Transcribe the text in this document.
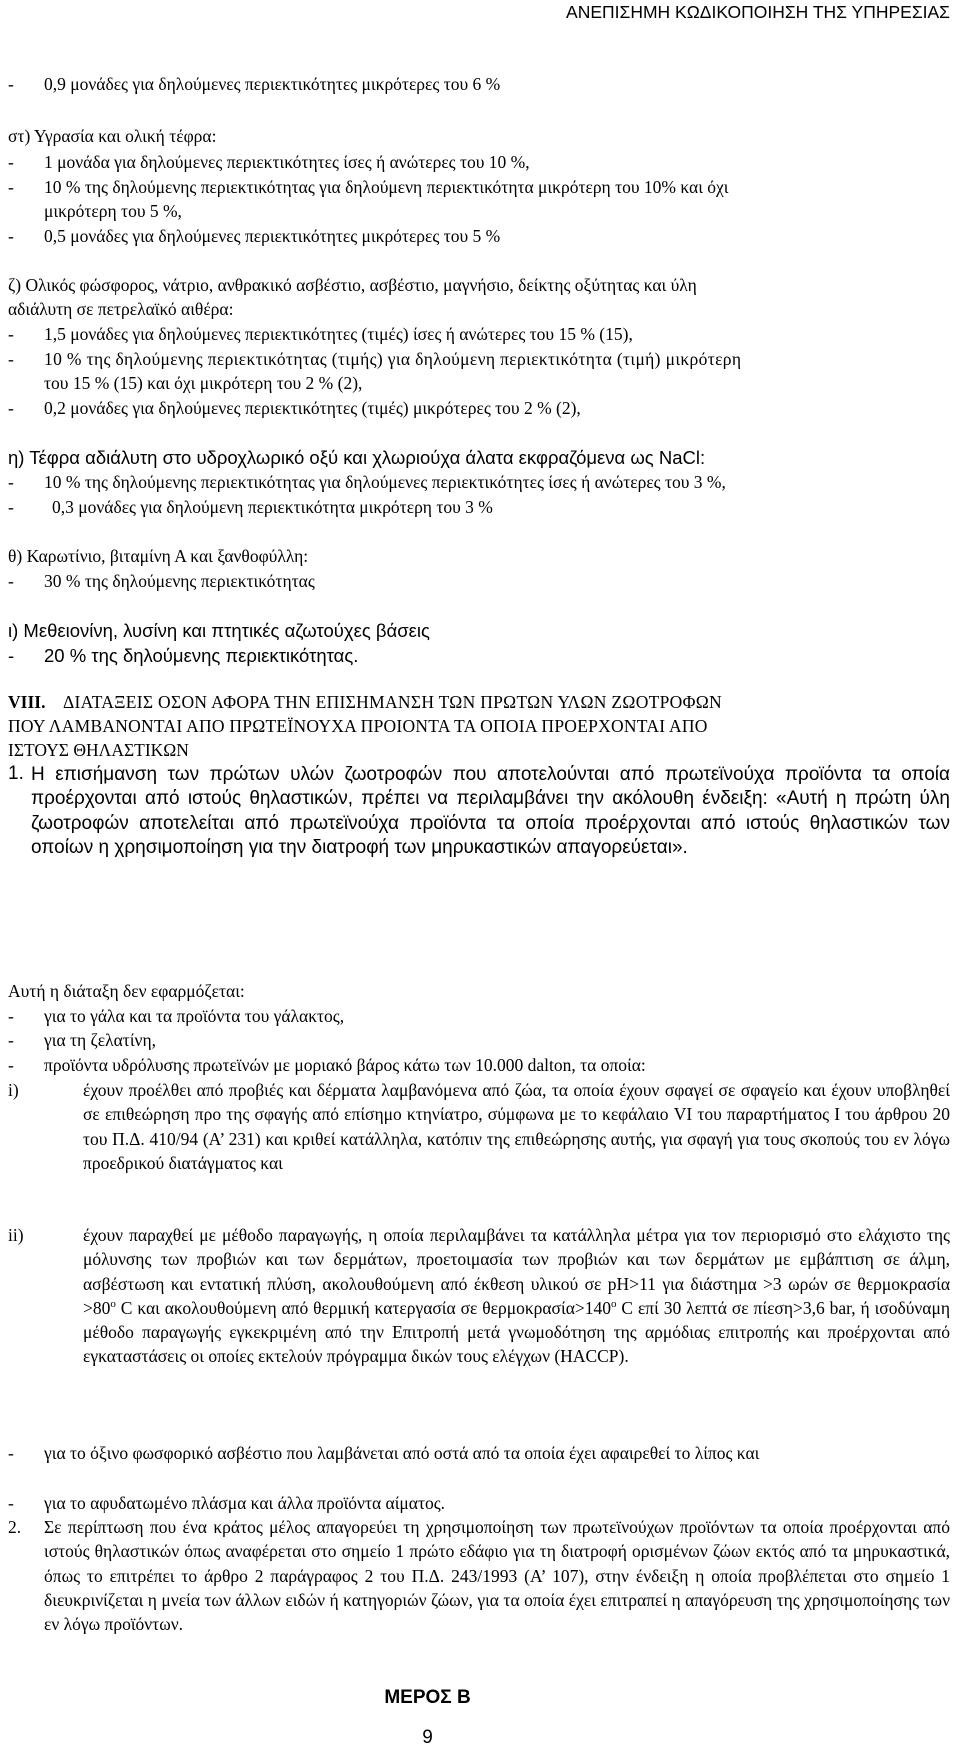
ΑΝΕΠΙΣΗΜΗ ΚΩΔΙΚΟΠΟΙΗΣΗ ΤΗΣ ΥΠΗΡΕΣΙΑΣ
- 0,9 μονάδες για δηλούμενες περιεκτικότητες μικρότερες του 6 %
στ) Υγρασία και ολική τέφρα:
- 1 μονάδα για δηλούμενες περιεκτικότητες ίσες ή ανώτερες του 10 %,
- 10 % της δηλούμενης περιεκτικότητας για δηλούμενη περιεκτικότητα μικρότερη του 10% και όχι
μικρότερη του 5 %,
- 0,5 μονάδες για δηλούμενες περιεκτικότητες μικρότερες του 5 %
ζ) Ολικός φώσφορος, νάτριο, ανθρακικό ασβέστιο, ασβέστιο, μαγνήσιο, δείκτης οξύτητας και ύλη
αδιάλυτη σε πετρελαϊκό αιθέρα:
- 1,5 μονάδες για δηλούμενες περιεκτικότητες (τιμές) ίσες ή ανώτερες του 15 % (15),
- 10 % της δηλούμενης περιεκτικότητας (τιμής) για δηλούμενη περιεκτικότητα (τιμή) μικρότερη
του 15 % (15) και όχι μικρότερη του 2 % (2),
- 0,2 μονάδες για δηλούμενες περιεκτικότητες (τιμές) μικρότερες του 2 % (2),
η) Τέφρα αδιάλυτη στο υδροχλωρικό οξύ και χλωριούχα άλατα εκφραζόμενα ως NaCl:
- 10 % της δηλούμενης περιεκτικότητας για δηλούμενες περιεκτικότητες ίσες ή ανώτερες του 3 %,
- 0,3 μονάδες για δηλούμενη περιεκτικότητα μικρότερη του 3 %
θ) Καρωτίνιο, βιταμίνη Α και ξανθοφύλλη:
- 30 % της δηλούμενης περιεκτικότητας
ι) Μεθειονίνη, λυσίνη και πτητικές αζωτούχες βάσεις
- 20 % της δηλούμενης περιεκτικότητας.
VIII. ΔΙΑΤΑΞΕΙΣ ΟΣΟΝ ΑΦΟΡΑ ΤΗΝ ΕΠΙΣΗΜΑΝΣΗ ΤΩΝ ΠΡΩΤΩΝ ΥΛΩΝ ΖΩΟΤΡΟΦΩΝ
ΠΟΥ ΛΑΜΒΑΝΟΝΤΑΙ ΑΠΟ ΠΡΩΤΕΪΝΟΥΧΑ ΠΡΟΙΟΝΤΑ ΤΑ ΟΠΟΙΑ ΠΡΟΕΡΧΟΝΤΑΙ ΑΠΟ
ΙΣΤΟΥΣ ΘΗΛΑΣΤΙΚΩΝ
1. Η επισήμανση των πρώτων υλών ζωοτροφών που αποτελούνται από πρωτεϊνούχα προϊόντα τα οποία προέρχονται από ιστούς θηλαστικών, πρέπει να περιλαμβάνει την ακόλουθη ένδειξη: «Αυτή η πρώτη ύλη ζωοτροφών αποτελείται από πρωτεϊνούχα προϊόντα τα οποία προέρχονται από ιστούς θηλαστικών των οποίων η χρησιμοποίηση για την διατροφή των μηρυκαστικών απαγορεύεται».
Αυτή η διάταξη δεν εφαρμόζεται:
- για το γάλα και τα προϊόντα του γάλακτος,
- για τη ζελατίνη,
- προϊόντα υδρόλυσης πρωτεϊνών με μοριακό βάρος κάτω των 10.000 dalton, τα οποία:
i)	έχουν προέλθει από προβιές και δέρματα λαμβανόμενα από ζώα, τα οποία έχουν σφαγεί σε σφαγείο και έχουν υποβληθεί σε επιθεώρηση προ της σφαγής από επίσημο κτηνίατρο, σύμφωνα με το κεφάλαιο VI του παραρτήματος Ι του άρθρου 20 του Π.Δ. 410/94 (Α’ 231) και κριθεί κατάλληλα, κατόπιν της επιθεώρησης αυτής, για σφαγή για τους σκοπούς του εν λόγω προεδρικού διατάγματος και
ii)	έχουν παραχθεί με μέθοδο παραγωγής, η οποία περιλαμβάνει τα κατάλληλα μέτρα για τον περιορισμό στο ελάχιστο της μόλυνσης των προβιών και των δερμάτων, προετοιμασία των προβιών και των δερμάτων με εμβάπτιση σε άλμη, ασβέστωση και εντατική πλύση, ακολουθούμενη από έκθεση υλικού σε pH>11 για διάστημα >3 ωρών σε $\theta\varepsilon\rho\mu o\kappa\rho\alpha\sigma ί\alpha >80^o$ C και ακολουθούμενη από θερμική κατεργασία σε $\theta\varepsilon\rho\mu o\kappa\rho\alpha\sigma ί\alpha>140^o$ C επί 30 λεπτά σε πίεση>3,6 bar, ή ισοδύναμη μέθοδο παραγωγής εγκεκριμένη από την Επιτροπή μετά γνωμοδότηση της αρμόδιας επιτροπής και προέρχονται από εγκαταστάσεις οι οποίες εκτελούν πρόγραμμα δικών τους ελέγχων (HACCP).
- για το όξινο φωσφορικό ασβέστιο που λαμβάνεται από οστά από τα οποία έχει αφαιρεθεί το λίπος και
- για το αφυδατωμένο πλάσμα και άλλα προϊόντα αίματος.
2. Σε περίπτωση που ένα κράτος μέλος απαγορεύει τη χρησιμοποίηση των πρωτεϊνούχων προϊόντων τα οποία προέρχονται από ιστούς θηλαστικών όπως αναφέρεται στο σημείο 1 πρώτο εδάφιο για τη διατροφή ορισμένων ζώων εκτός από τα μηρυκαστικά, όπως το επιτρέπει το άρθρο 2 παράγραφος 2 του Π.Δ. 243/1993 (Α’ 107), στην ένδειξη η οποία προβλέπεται στο σημείο 1 διευκρινίζεται η μνεία των άλλων ειδών ή κατηγοριών ζώων, για τα οποία έχει επιτραπεί η απαγόρευση της χρησιμοποίησης των εν λόγω προϊόντων.
ΜΕΡΟΣ Β
9
